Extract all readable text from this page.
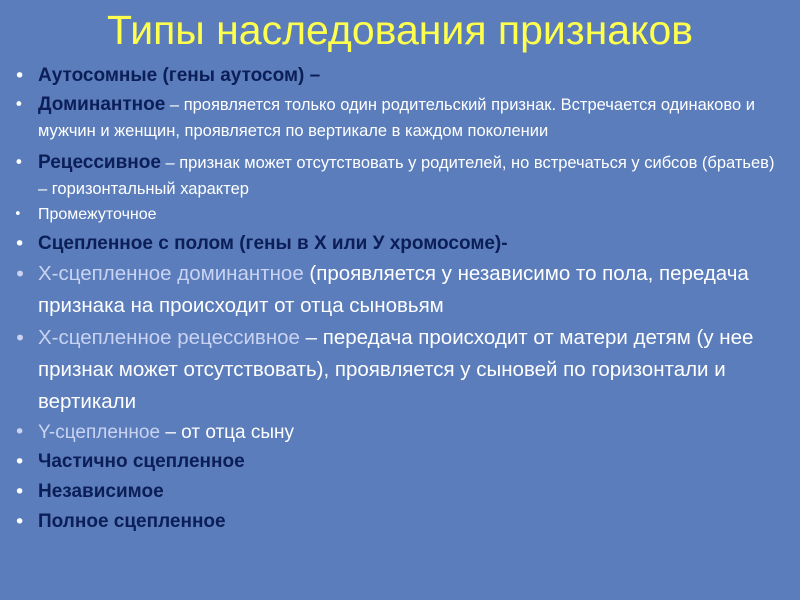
Типы наследования признаков
• Аутосомные (гены аутосом) –
• Доминантное – проявляется только один родительский признак. Встречается одинаково и мужчин и женщин, проявляется по вертикале в каждом поколении
• Рецессивное – признак может отсутствовать у родителей, но встречаться у сибсов (братьев) – горизонтальный характер
• Промежуточное
• Сцепленное с полом (гены в Х или У хромосоме)-
• Х-сцепленное доминантное (проявляется у независимо то пола, передача признака на происходит от отца сыновьям
• Х-сцепленное рецессивное – передача происходит от матери детям (у нее признак может отсутствовать), проявляется у сыновей по горизонтали и вертикали
• Y-сцепленное – от отца сыну
• Частично сцепленное
• Независимое
• Полное сцепленное
